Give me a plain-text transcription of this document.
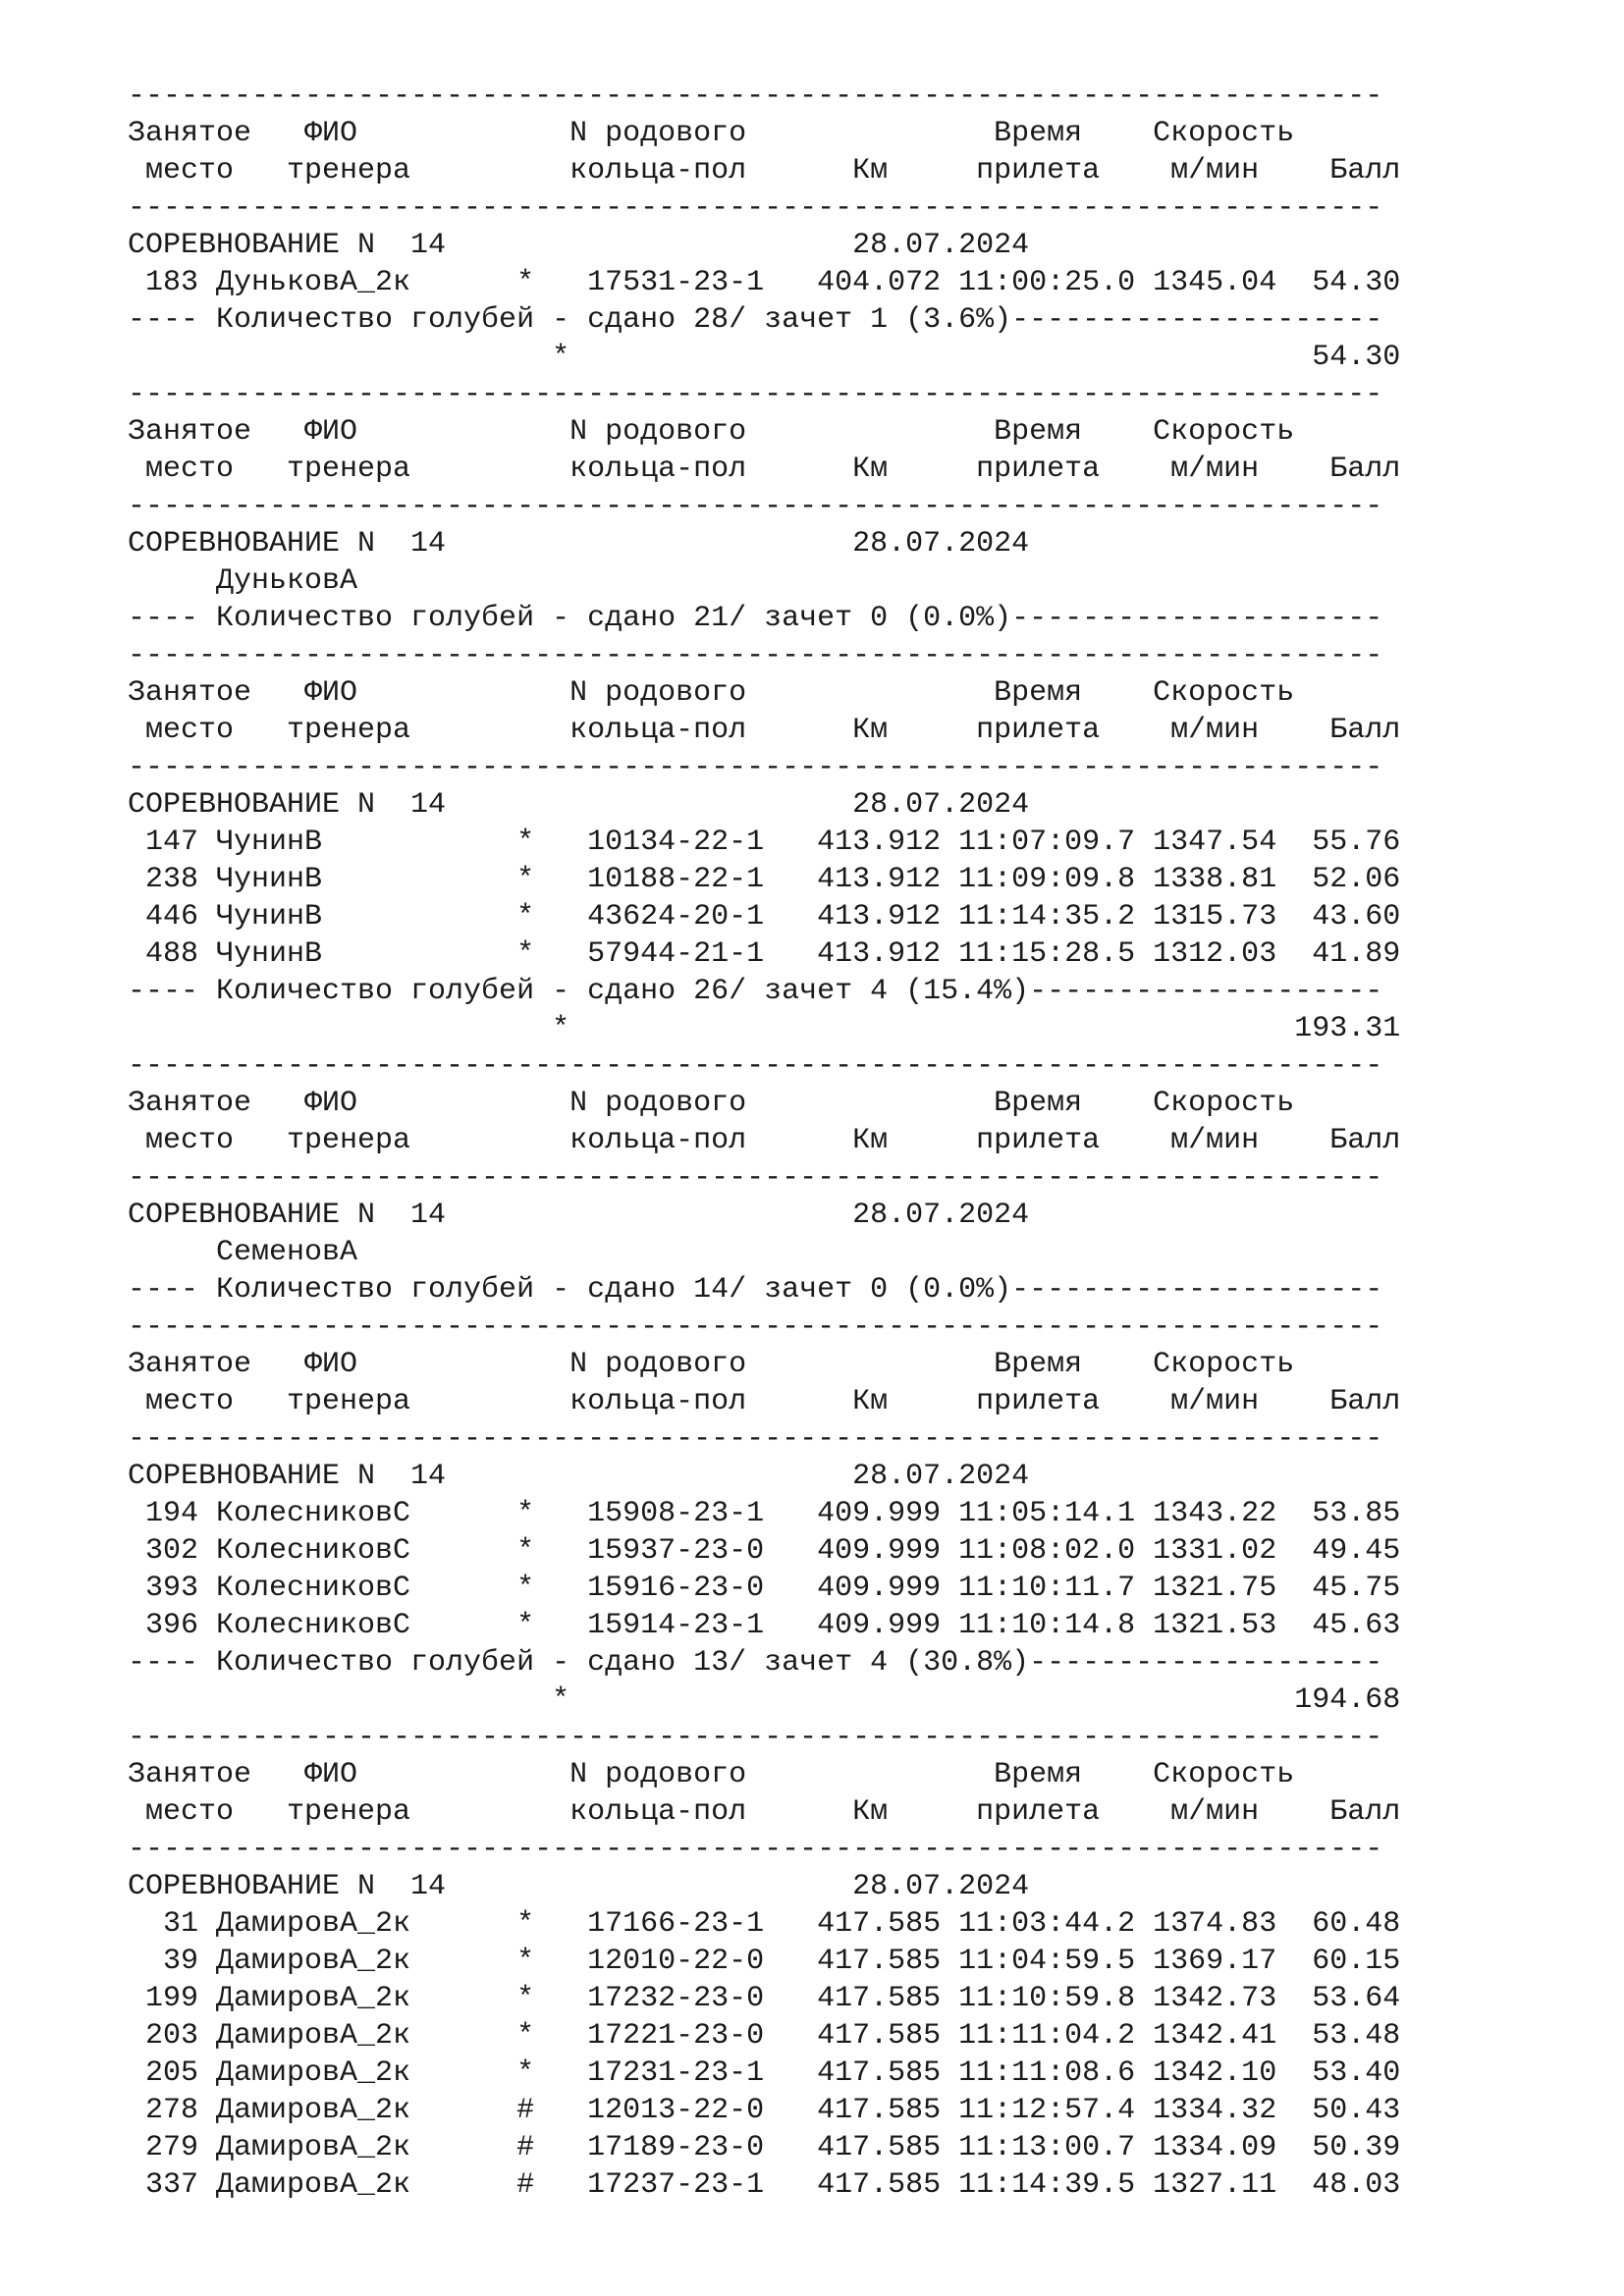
-----------------------------------------------------------------------
Занятое   ФИО            N родового              Время    Скорость
место   тренера         кольца-пол      Км     прилета    м/мин    Балл
-----------------------------------------------------------------------
СОРЕВНОВАНИЕ N  14                       28.07.2024
183 ДуньковА_2к      *   17531-23-1   404.072 11:00:25.0 1345.04  54.30
---- Количество голубей - сдано 28/ зачет 1 (3.6%)---------------------
*                                          54.30
-----------------------------------------------------------------------
Занятое   ФИО            N родового              Время    Скорость
место   тренера         кольца-пол      Км     прилета    м/мин    Балл
-----------------------------------------------------------------------
СОРЕВНОВАНИЕ N  14                       28.07.2024
ДуньковА
---- Количество голубей - сдано 21/ зачет 0 (0.0%)---------------------
-----------------------------------------------------------------------
Занятое   ФИО            N родового              Время    Скорость
место   тренера         кольца-пол      Км     прилета    м/мин    Балл
-----------------------------------------------------------------------
СОРЕВНОВАНИЕ N  14                       28.07.2024
147 ЧунинВ           *   10134-22-1   413.912 11:07:09.7 1347.54  55.76
238 ЧунинВ           *   10188-22-1   413.912 11:09:09.8 1338.81  52.06
446 ЧунинВ           *   43624-20-1   413.912 11:14:35.2 1315.73  43.60
488 ЧунинВ           *   57944-21-1   413.912 11:15:28.5 1312.03  41.89
---- Количество голубей - сдано 26/ зачет 4 (15.4%)--------------------
*                                         193.31
-----------------------------------------------------------------------
Занятое   ФИО            N родового              Время    Скорость
место   тренера         кольца-пол      Км     прилета    м/мин    Балл
-----------------------------------------------------------------------
СОРЕВНОВАНИЕ N  14                       28.07.2024
СеменовА
---- Количество голубей - сдано 14/ зачет 0 (0.0%)---------------------
-----------------------------------------------------------------------
Занятое   ФИО            N родового              Время    Скорость
место   тренера         кольца-пол      Км     прилета    м/мин    Балл
-----------------------------------------------------------------------
СОРЕВНОВАНИЕ N  14                       28.07.2024
194 КолесниковС      *   15908-23-1   409.999 11:05:14.1 1343.22  53.85
302 КолесниковС      *   15937-23-0   409.999 11:08:02.0 1331.02  49.45
393 КолесниковС      *   15916-23-0   409.999 11:10:11.7 1321.75  45.75
396 КолесниковС      *   15914-23-1   409.999 11:10:14.8 1321.53  45.63
---- Количество голубей - сдано 13/ зачет 4 (30.8%)--------------------
*                                         194.68
-----------------------------------------------------------------------
Занятое   ФИО            N родового              Время    Скорость
место   тренера         кольца-пол      Км     прилета    м/мин    Балл
-----------------------------------------------------------------------
СОРЕВНОВАНИЕ N  14                       28.07.2024
31 ДамировА_2к      *   17166-23-1   417.585 11:03:44.2 1374.83  60.48
39 ДамировА_2к      *   12010-22-0   417.585 11:04:59.5 1369.17  60.15
199 ДамировА_2к      *   17232-23-0   417.585 11:10:59.8 1342.73  53.64
203 ДамировА_2к      *   17221-23-0   417.585 11:11:04.2 1342.41  53.48
205 ДамировА_2к      *   17231-23-1   417.585 11:11:08.6 1342.10  53.40
278 ДамировА_2к      #   12013-22-0   417.585 11:12:57.4 1334.32  50.43
279 ДамировА_2к      #   17189-23-0   417.585 11:13:00.7 1334.09  50.39
337 ДамировА_2к      #   17237-23-1   417.585 11:14:39.5 1327.11  48.03
